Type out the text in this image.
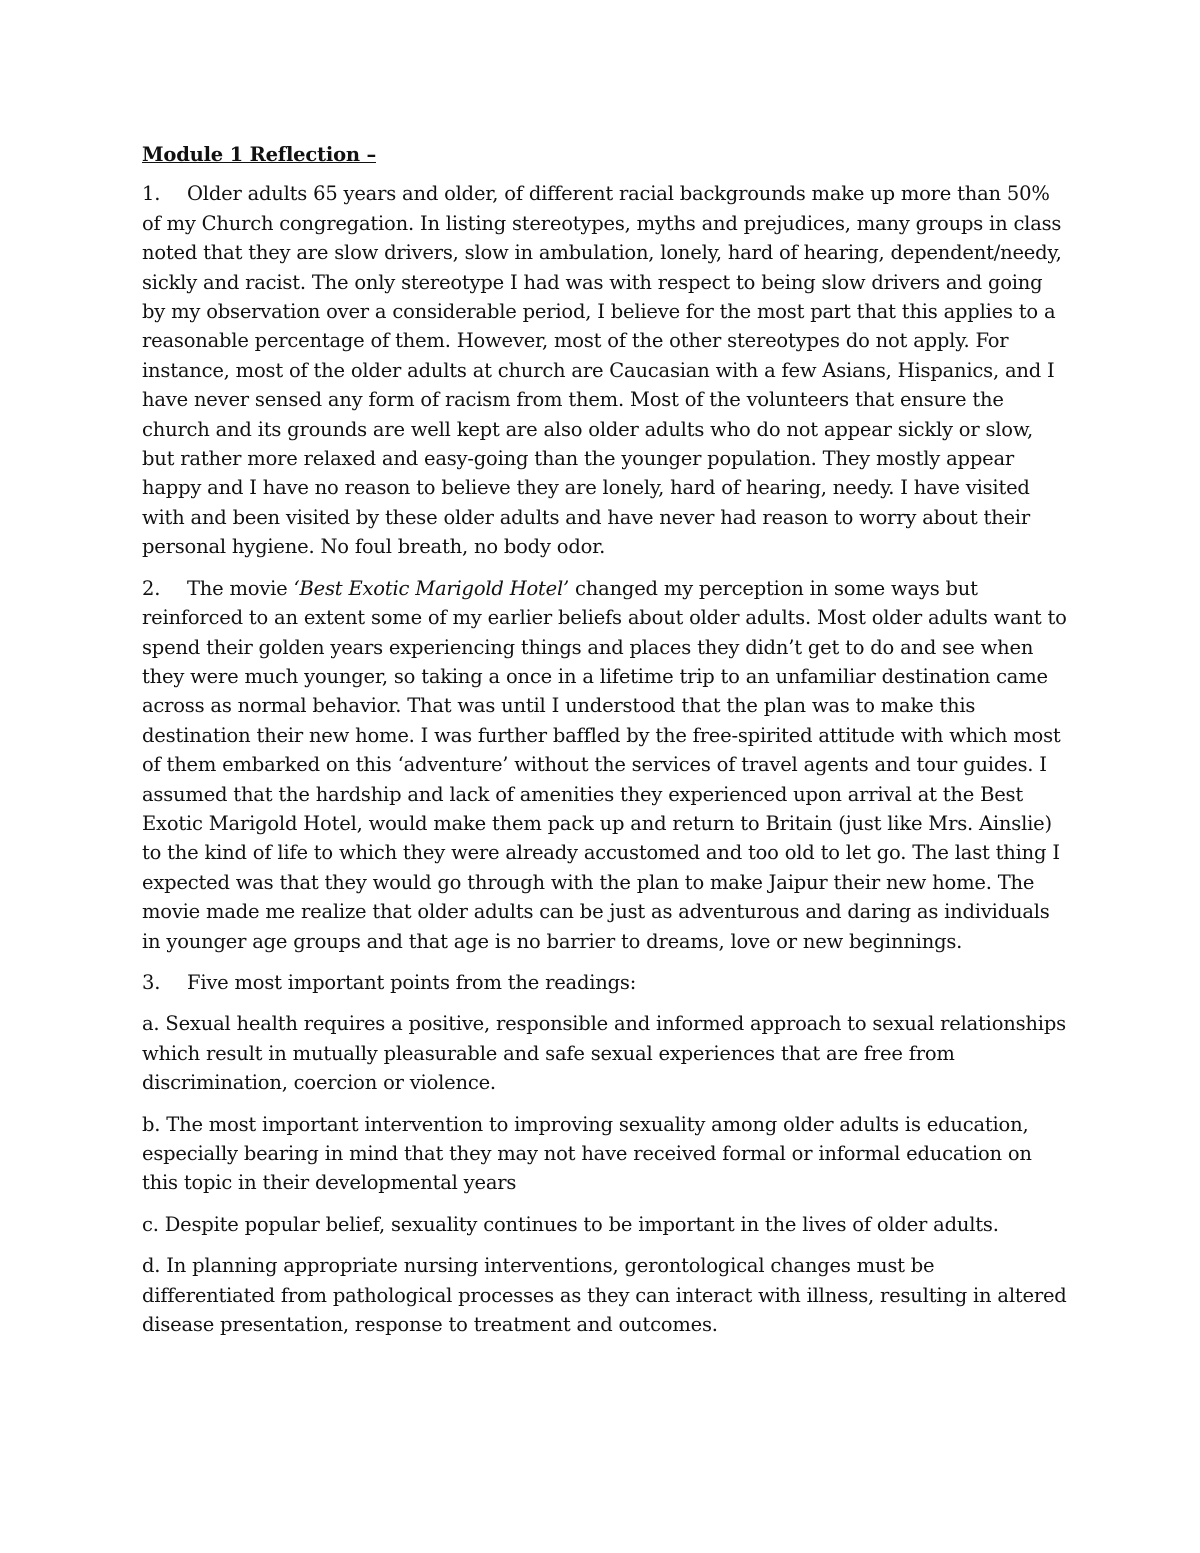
Module 1 Reflection –

1. Older adults 65 years and older, of different racial backgrounds make up more than 50% of my Church congregation. In listing stereotypes, myths and prejudices, many groups in class noted that they are slow drivers, slow in ambulation, lonely, hard of hearing, dependent/needy, sickly and racist. The only stereotype I had was with respect to being slow drivers and going by my observation over a considerable period, I believe for the most part that this applies to a reasonable percentage of them. However, most of the other stereotypes do not apply. For instance, most of the older adults at church are Caucasian with a few Asians, Hispanics, and I have never sensed any form of racism from them. Most of the volunteers that ensure the church and its grounds are well kept are also older adults who do not appear sickly or slow, but rather more relaxed and easy-going than the younger population. They mostly appear happy and I have no reason to believe they are lonely, hard of hearing, needy. I have visited with and been visited by these older adults and have never had reason to worry about their personal hygiene. No foul breath, no body odor.

2. The movie ‘Best Exotic Marigold Hotel’ changed my perception in some ways but reinforced to an extent some of my earlier beliefs about older adults. Most older adults want to spend their golden years experiencing things and places they didn’t get to do and see when they were much younger, so taking a once in a lifetime trip to an unfamiliar destination came across as normal behavior. That was until I understood that the plan was to make this destination their new home. I was further baffled by the free-spirited attitude with which most of them embarked on this ‘adventure’ without the services of travel agents and tour guides. I assumed that the hardship and lack of amenities they experienced upon arrival at the Best Exotic Marigold Hotel, would make them pack up and return to Britain (just like Mrs. Ainslie) to the kind of life to which they were already accustomed and too old to let go. The last thing I expected was that they would go through with the plan to make Jaipur their new home. The movie made me realize that older adults can be just as adventurous and daring as individuals in younger age groups and that age is no barrier to dreams, love or new beginnings.

3. Five most important points from the readings:

a. Sexual health requires a positive, responsible and informed approach to sexual relationships which result in mutually pleasurable and safe sexual experiences that are free from discrimination, coercion or violence.

b. The most important intervention to improving sexuality among older adults is education, especially bearing in mind that they may not have received formal or informal education on this topic in their developmental years

c. Despite popular belief, sexuality continues to be important in the lives of older adults.

d. In planning appropriate nursing interventions, gerontological changes must be differentiated from pathological processes as they can interact with illness, resulting in altered disease presentation, response to treatment and outcomes.
